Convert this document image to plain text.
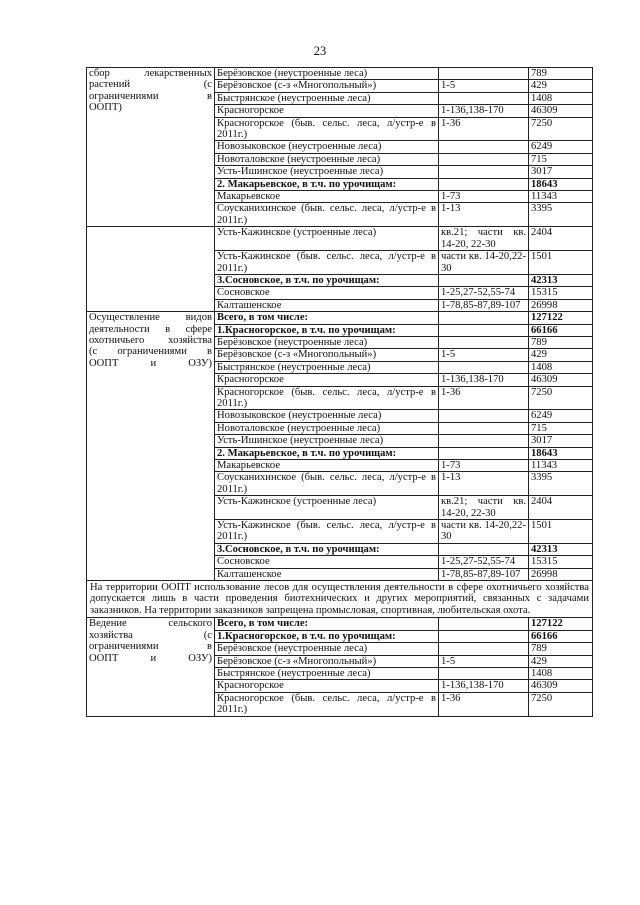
23
сбор лекарственных
растений (с
ограничениями в
ООПТ)	Берёзовское (неустроенные леса)		789
	Берёзовское (с-з «Многопольный»)	1-5	429
	Быстрянское (неустроенные леса)		1408
	Красногорское	1-136,138-170	46309
	Красногорское (быв. сельс. леса, л/устр-е в 2011г.)	1-36	7250
	Новозыковское (неустроенные леса)		6249
	Новоталовское (неустроенные леса)		715
	Усть-Ишинское (неустроенные леса)		3017
	2. Макарьевское, в т.ч. по урочищам:		18643
	Макарьевское	1-73	11343
	Соусканихинское (быв. сельс. леса, л/устр-е в 2011г.)	1-13	3395
	Усть-Кажинское (устроенные леса)	кв.21; части кв. 14-20, 22-30	2404
	Усть-Кажинское (быв. сельс. леса, л/устр-е в 2011г.)	части кв. 14-20,22-30	1501
	3.Сосновское, в т.ч. по урочищам:		42313
	Сосновское	1-25,27-52,55-74	15315
	Калташенское	1-78,85-87,89-107	26998

Осуществление видов
деятельности в сфере
охотничьего хозяйства
(с ограничениями в
ООПТ и ОЗУ)	Всего, в том числе:		127122
	1.Красногорское, в т.ч. по урочищам:		66166
	Берёзовское (неустроенные леса)		789
	Берёзовское (с-з «Многопольный»)	1-5	429
	Быстрянское (неустроенные леса)		1408
	Красногорское	1-136,138-170	46309
	Красногорское (быв. сельс. леса, л/устр-е в 2011г.)	1-36	7250
	Новозыковское (неустроенные леса)		6249
	Новоталовское (неустроенные леса)		715
	Усть-Ишинское (неустроенные леса)		3017
	2. Макарьевское, в т.ч. по урочищам:		18643
	Макарьевское	1-73	11343
	Соусканихинское (быв. сельс. леса, л/устр-е в 2011г.)	1-13	3395
	Усть-Кажинское (устроенные леса)	кв.21; части кв. 14-20, 22-30	2404
	Усть-Кажинское (быв. сельс. леса, л/устр-е в 2011г.)	части кв. 14-20,22-30	1501
	3.Сосновское, в т.ч. по урочищам:		42313
	Сосновское	1-25,27-52,55-74	15315
	Калташенское	1-78,85-87,89-107	26998
На территории ООПТ использование лесов для осуществления деятельности в сфере охотничьего хозяйства допускается лишь в части проведения биотехнических и других мероприятий, связанных с задачами заказников. На территории заказников запрещена промысловая, спортивная, любительская охота.			

Ведение сельского
хозяйства (с
ограничениями в
ООПТ и ОЗУ)	Всего, в том числе:		127122
	1.Красногорское, в т.ч. по урочищам:		66166
	Берёзовское (неустроенные леса)		789
	Берёзовское (с-з «Многопольный»)	1-5	429
	Быстрянское (неустроенные леса)		1408
	Красногорское	1-136,138-170	46309
	Красногорское (быв. сельс. леса, л/устр-е в 2011г.)	1-36	7250
